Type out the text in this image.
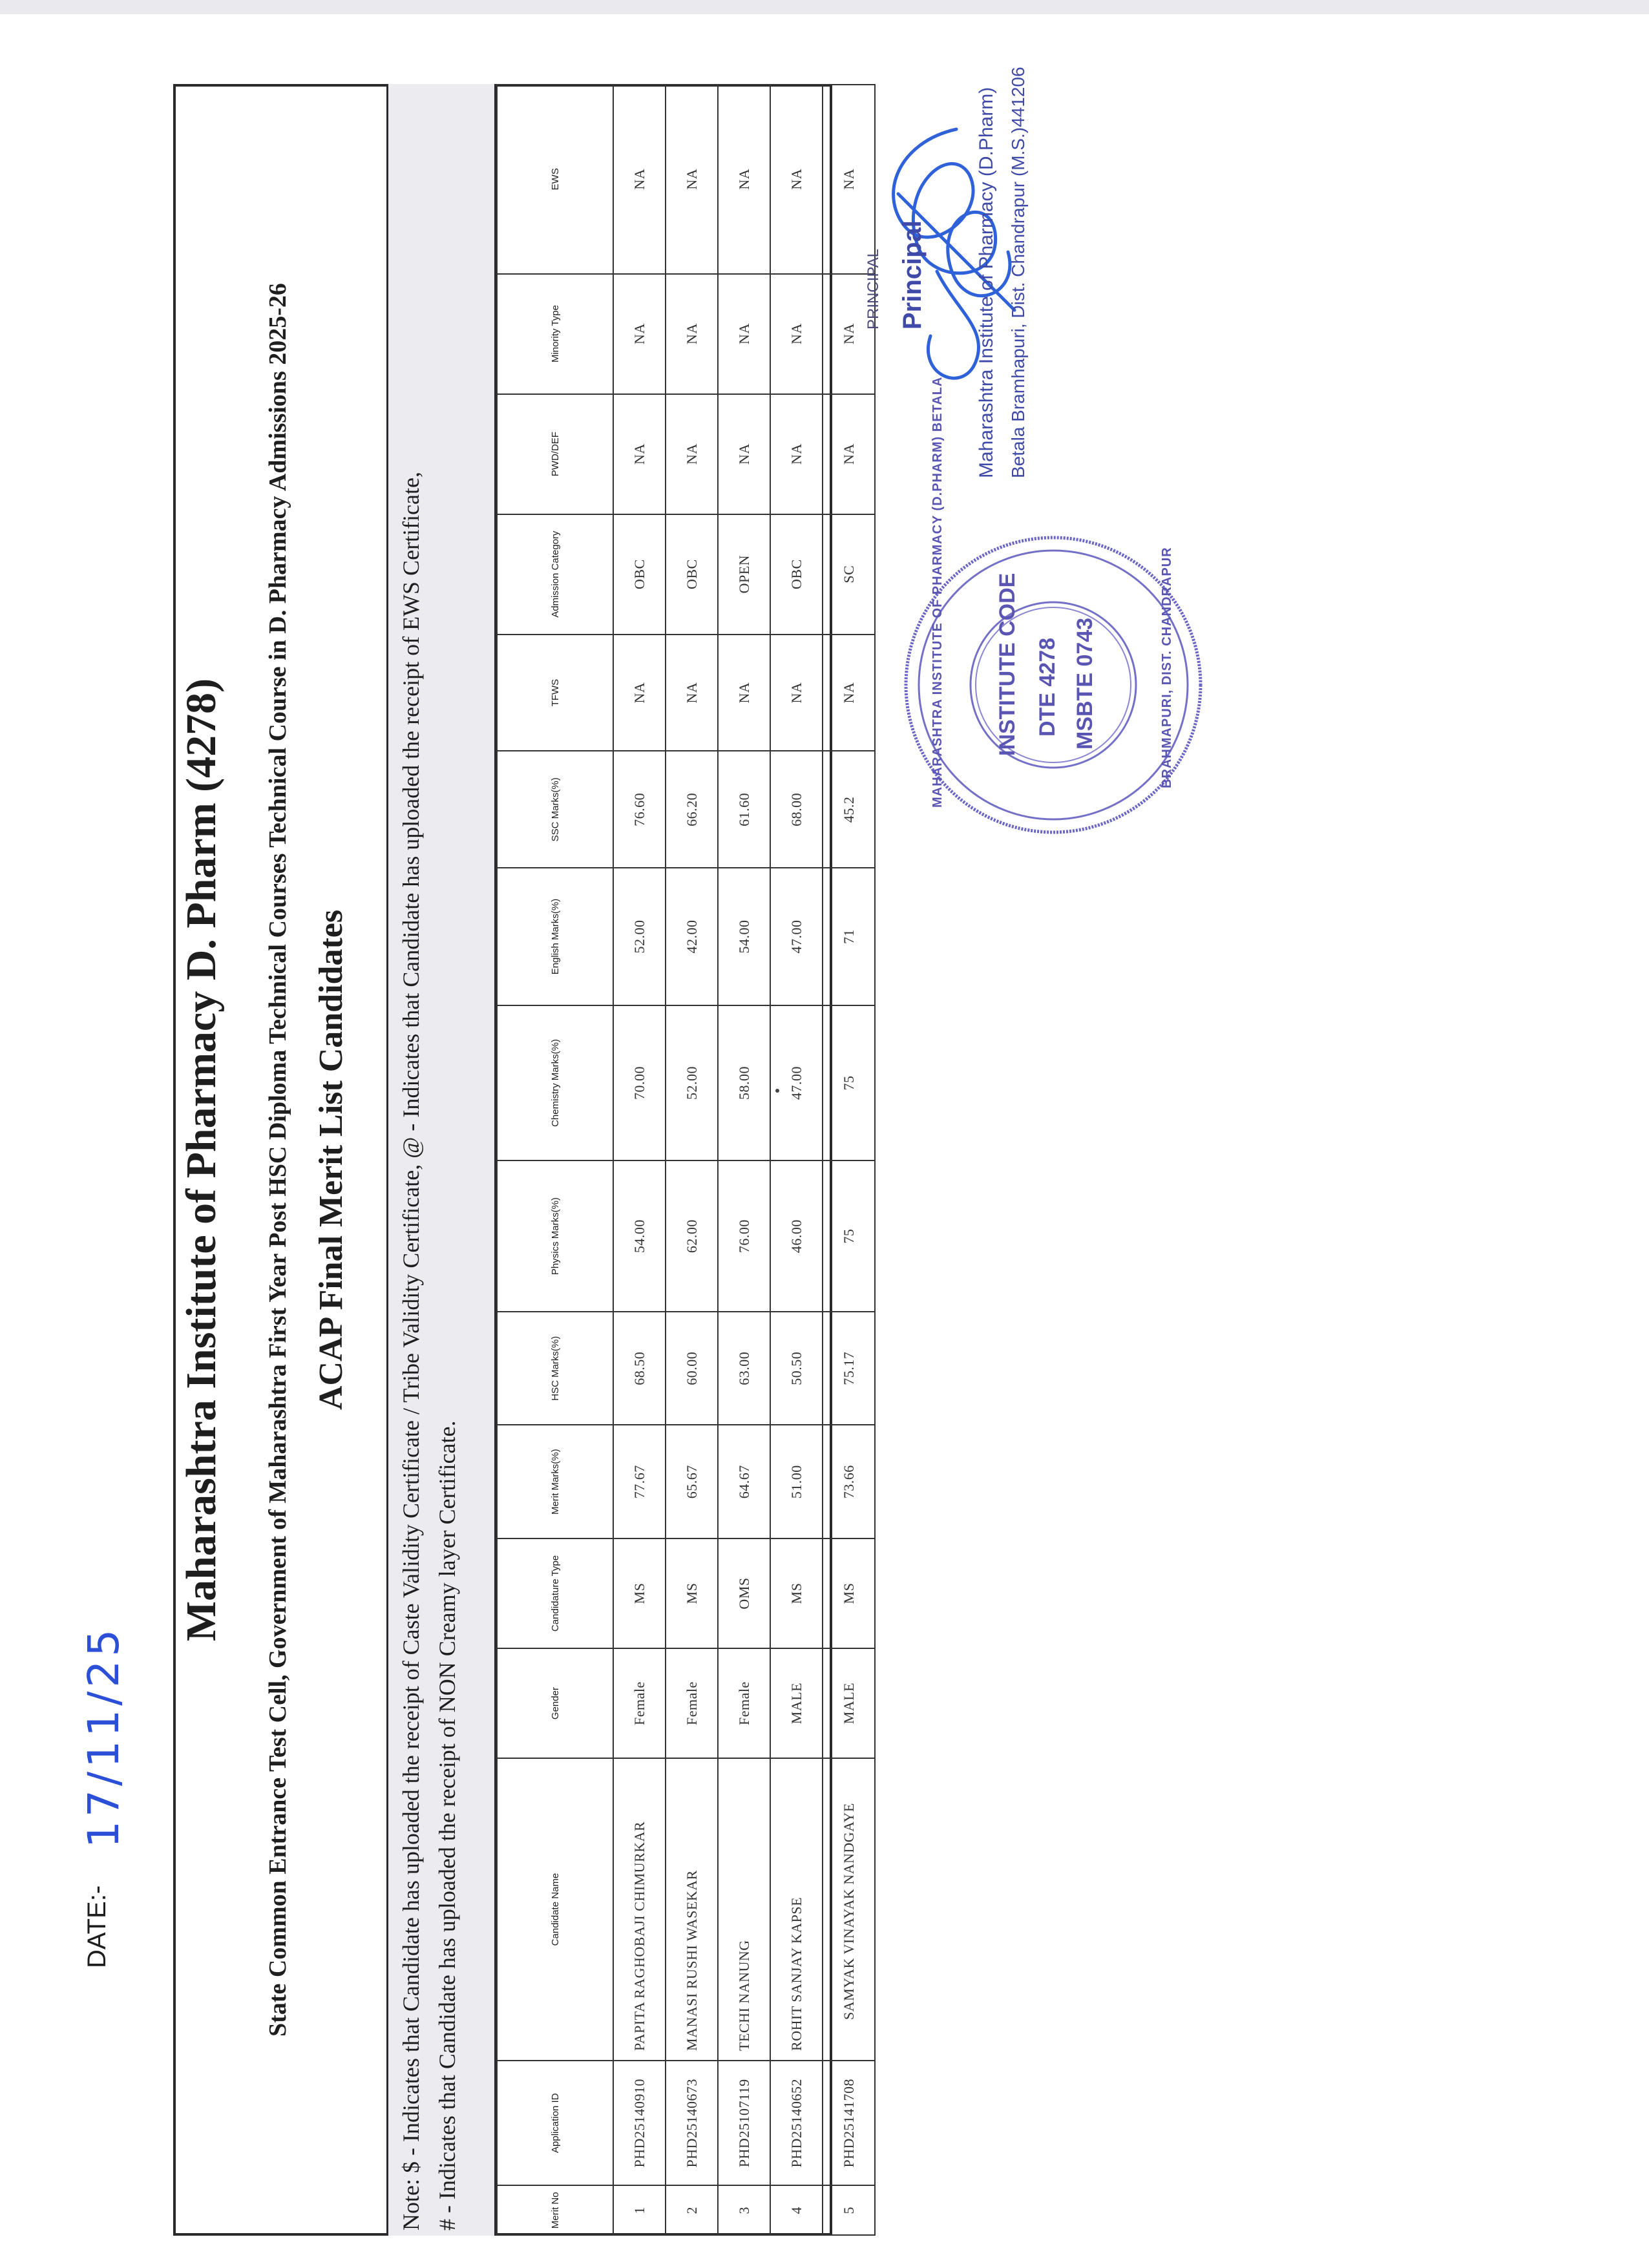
Maharashtra Institute of Pharmacy D. Pharm (4278) State Common Entrance Test Cell, Government of Maharashtra First Year Post HSC Diploma Technical Courses Technical Course in D. Pharmacy Admissions 2025-26 ACAP Final Merit List Candidates Note: $ - Indicates that Candidate has uploaded the receipt of Caste Validity Certificate / Tribe Validity Certificate, @ - Indicates that Candidate has uploaded the receipt of EWS Certificate, # - Indicates that Candidate has uploaded the receipt of NON Creamy layer Certificate.	Merit No	Application ID	Candidate Name	Gender	Candidature Type	Merit Marks(%)	HSC Marks(%)	Physics Marks(%)	Chemistry Marks(%)	English Marks(%)	SSC Marks(%)	TFWS	Admission Category	PWD/DEF	Minority Type	EWS
1	PHD25140910	PAPITA RAGHOBAJI CHIMURKAR	Female	MS	77.67	68.50	54.00	70.00	52.00	76.60	NA	OBC	NA	NA	NA
2	PHD25140673	MANASI RUSHI WASEKAR	Female	MS	65.67	60.00	62.00	52.00	42.00	66.20	NA	OBC	NA	NA	NA
3	PHD25107119	TECHI NANUNG	Female	OMS	64.67	63.00	76.00	58.00	54.00	61.60	NA	OPEN	NA	NA	NA
4	PHD25140652	ROHIT SANJAY KAPSE	MALE	MS	51.00	50.50	46.00	47.00	47.00	68.00	NA	OBC	NA	NA	NA
5	PHD25141708	SAMYAK VINAYAK NANDGAYE	MALE	MS	73.66	75.17	75	75	71	45.2	NA	SC	NA	NA	NA
DATE:-
17/11/25
INSTITUTE CODE DTE 4278 MSBTE 0743
MAHARASHTRA INSTITUTE OF PHARMACY (D.PHARM) BETALA	BRAHMAPURI, DIST. CHANDRAPUR
PRINCIPAL Principal	Maharashtra Institute of Pharmacy (D.Pharm) Betala Bramhapuri, Dist. Chandrapur (M.S.)441206
